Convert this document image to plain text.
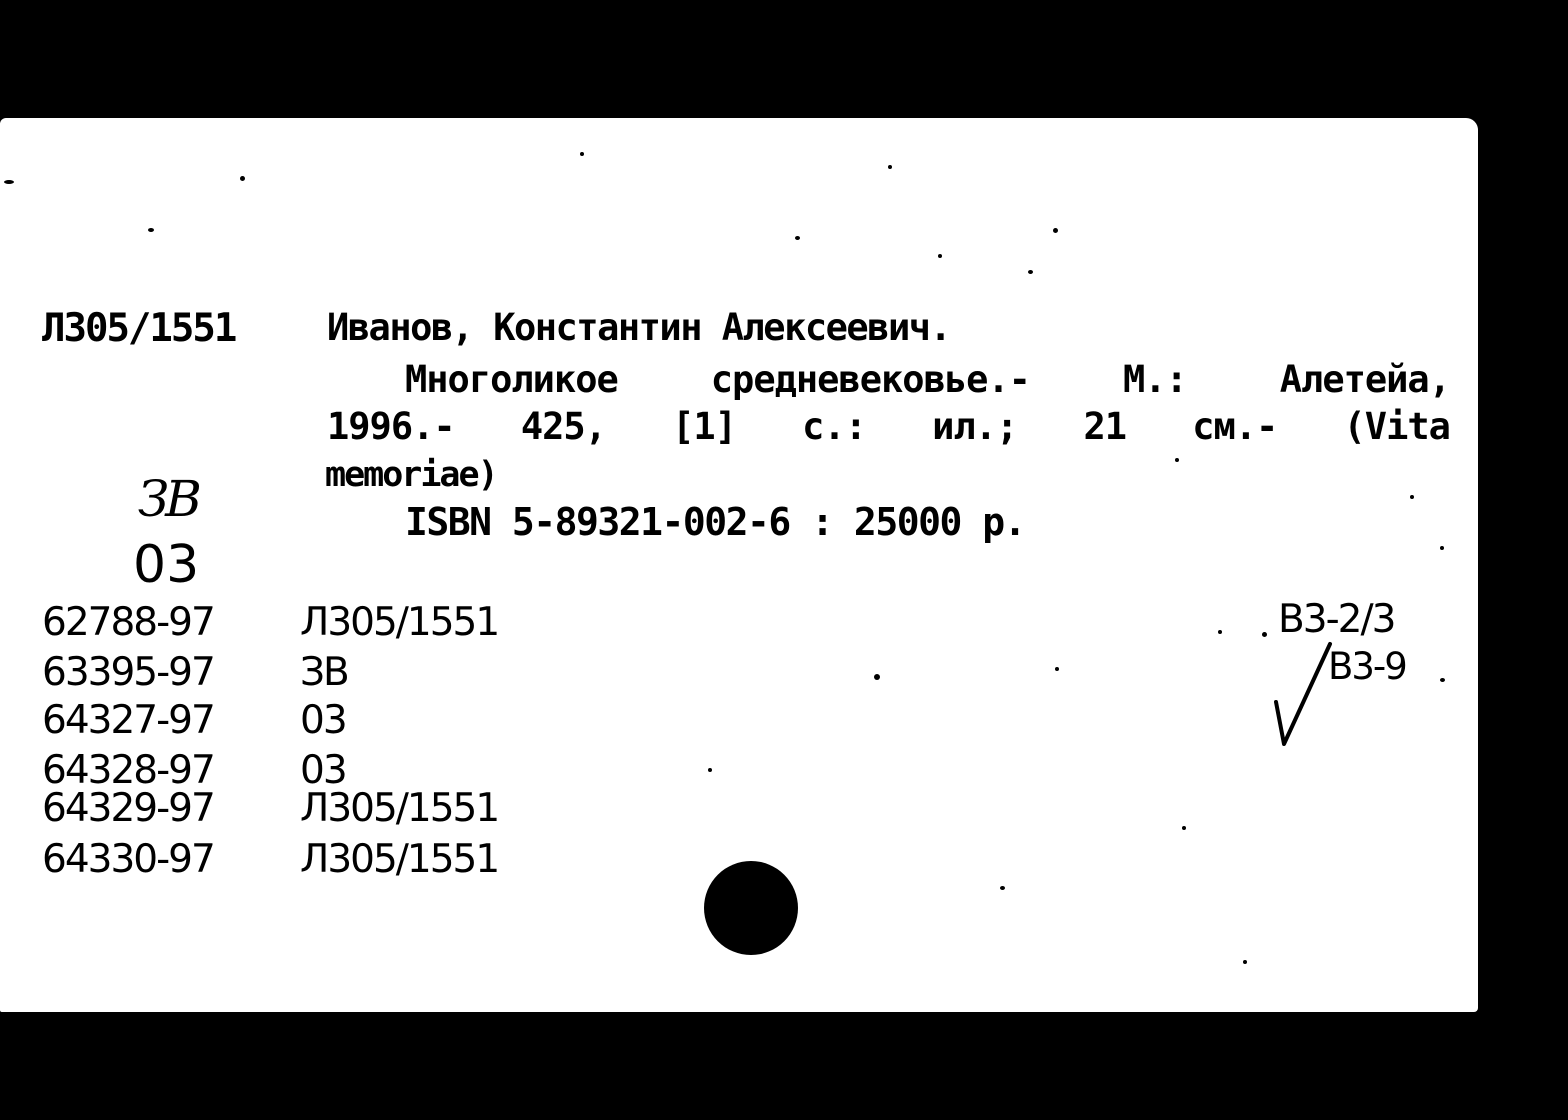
Л305/1551 Иванов, Константин Алексеевич.
Многоликое	средневековье.-	М.:	Алетейа,
1996.- 425, [1] с.: ил.; 21 см.- (Vita
memoriae)
ISBN 5-89321-002-6 : 25000 р.
ЗВ
03
62788-97	Л305/1551
63395-97	ЗВ
64327-97	03
64328-97	03
64329-97	Л305/1551
64330-97	Л305/1551
В3-2/3
В3-9
